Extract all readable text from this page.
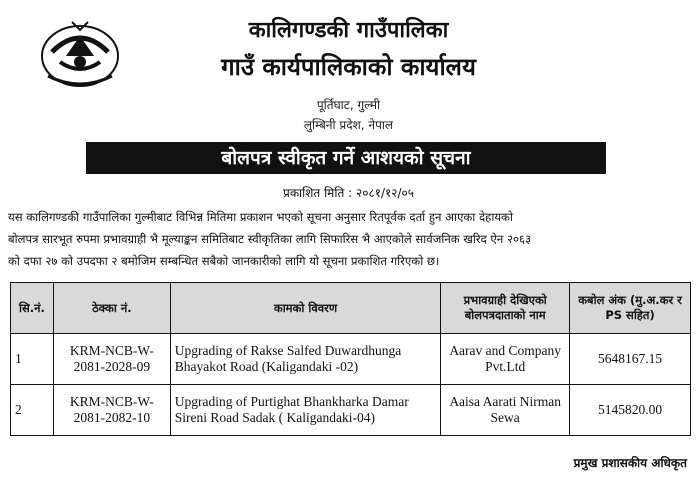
कालिगण्डकी गाउँपालिका
गाउँ कार्यपालिकाको कार्यालय
पूर्तिघाट, गुल्मी
लुम्बिनी प्रदेश, नेपाल
बोलपत्र स्वीकृत गर्ने आशयको सूचना
प्रकाशित मिति : २०८१/१२/०५
यस कालिगण्डकी गाउँपालिका गुल्मीबाट विभिन्न मितिमा प्रकाशन भएको सूचना अनुसार रितपूर्वक दर्ता हुन आएका देहायको
बोलपत्र सारभूत रुपमा प्रभावग्राही भै मूल्याङ्कन समितिबाट स्वीकृतिका लागि सिफारिस भै आएकोले सार्वजनिक खरिद ऐन २०६३
को दफा २७ को उपदफा २ बमोजिम सम्बन्धित सबैको जानकारीको लागि यो सूचना प्रकाशित गरिएको छ।
सि.नं.	ठेक्का नं.	कामको विवरण	प्रभावग्राही देखिएको बोलपत्रदाताको नाम	कबोल अंक (मु.अ.कर र PS सहित)
1	KRM-NCB-W-2081-2028-09	Upgrading of Rakse Salfed Duwardhunga Bhayakot Road (Kaligandaki -02)	Aarav and Company Pvt.Ltd	5648167.15
2	KRM-NCB-W-2081-2082-10	Upgrading of Purtighat Bhankharka Damar Sireni Road Sadak ( Kaligandaki-04)	Aaisa Aarati Nirman Sewa	5145820.00
प्रमुख प्रशासकीय अधिकृत
